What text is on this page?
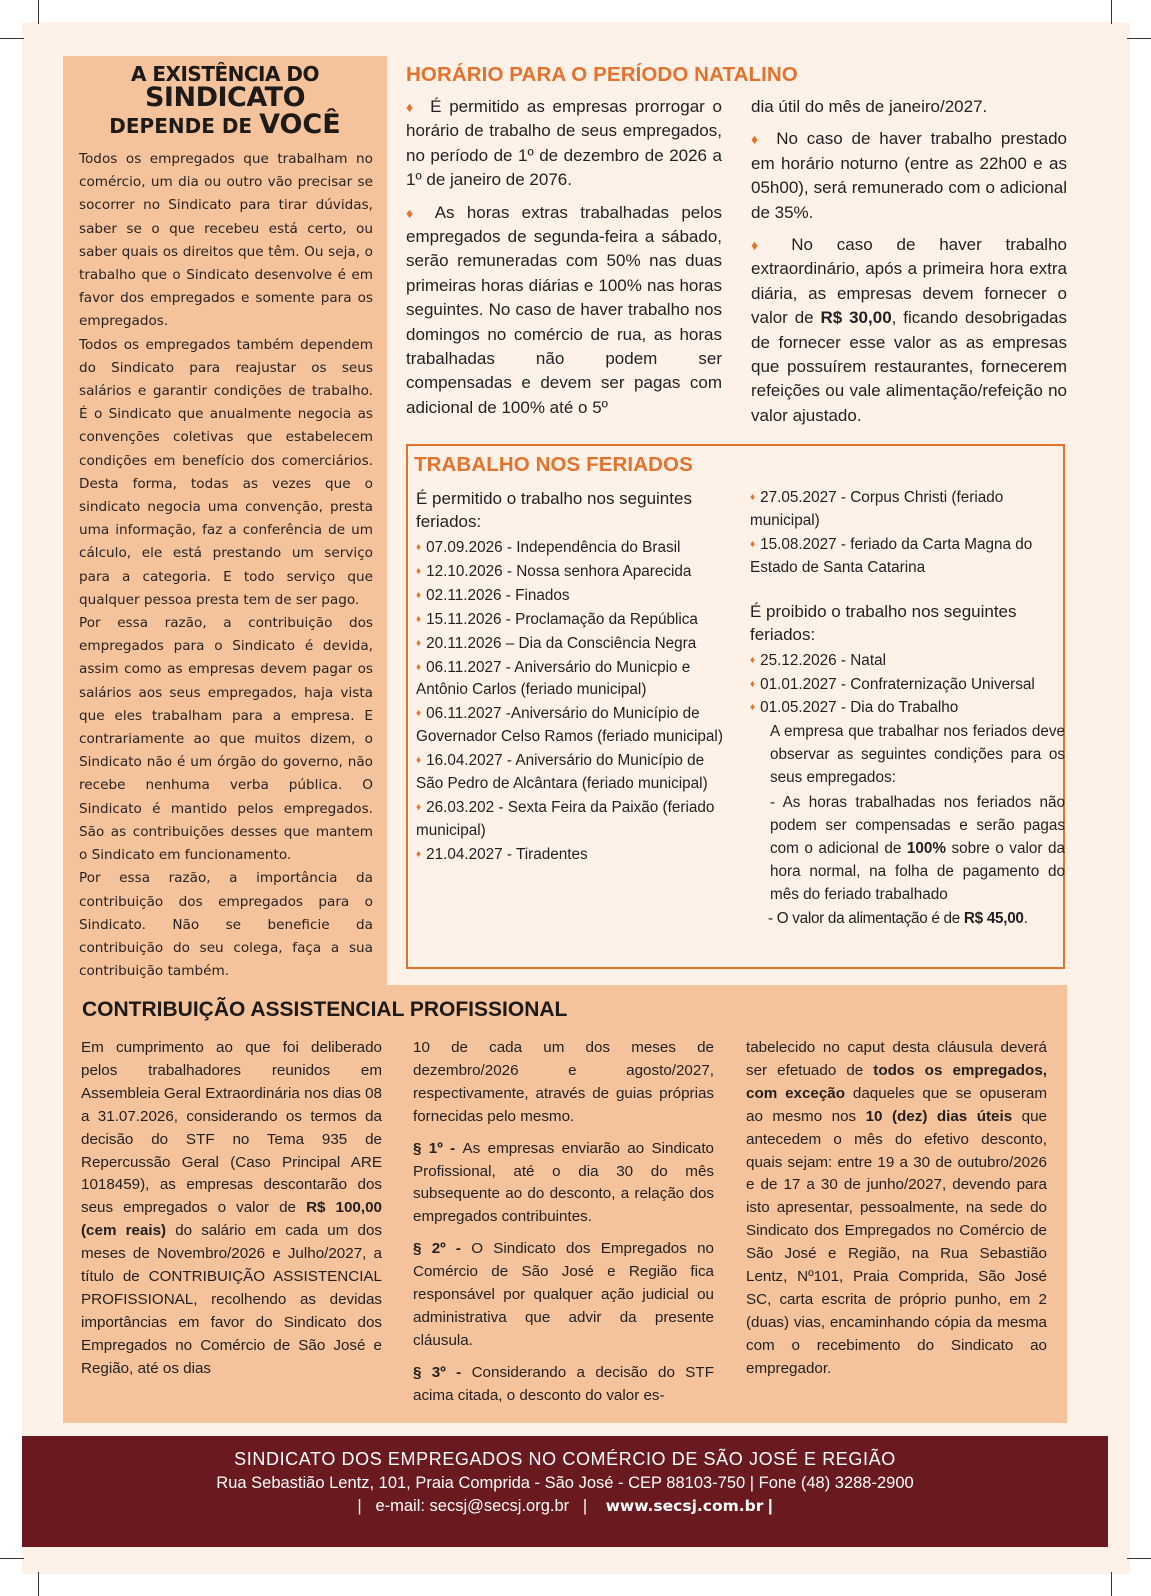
A EXISTÊNCIA DO SINDICATO
DEPENDE DE VOCÊ

Todos os empregados que trabalham no comércio, um dia ou outro vão precisar se socorrer no Sindicato para tirar dúvidas, saber se o que recebeu está certo, ou saber quais os direitos que têm. Ou seja, o trabalho que o Sindicato desenvolve é em favor dos empregados e somente para os empregados.

Todos os empregados também dependem do Sindicato para reajustar os seus salários e garantir condições de trabalho. É o Sindicato que anualmente negocia as convenções coletivas que estabelecem condições em benefício dos comerciários. Desta forma, todas as vezes que o sindicato negocia uma convenção, presta uma informação, faz a conferência de um cálculo, ele está prestando um serviço para a categoria. E todo serviço que qualquer pessoa presta tem de ser pago.

Por essa razão, a contribuição dos empregados para o Sindicato é devida, assim como as empresas devem pagar os salários aos seus empregados, haja vista que eles trabalham para a empresa. E contrariamente ao que muitos dizem, o Sindicato não é um órgão do governo, não recebe nenhuma verba pública. O Sindicato é mantido pelos empregados. São as contribuições desses que mantem o Sindicato em funcionamento.

Por essa razão, a importância da contribuição dos empregados para o Sindicato. Não se beneficie da contribuição do seu colega, faça a sua contribuição também.

HORÁRIO PARA O PERÍODO NATALINO

♦ É permitido as empresas prorrogar o horário de trabalho de seus empregados, no período de 1º de dezembro de 2026 a 1º de janeiro de 2076.

♦ As horas extras trabalhadas pelos empregados de segunda-feira a sábado, serão remuneradas com 50% nas duas primeiras horas diárias e 100% nas horas seguintes. No caso de haver trabalho nos domingos no comércio de rua, as horas trabalhadas não podem ser compensadas e devem ser pagas com adicional de 100% até o 5º

dia útil do mês de janeiro/2027.

♦ No caso de haver trabalho prestado em horário noturno (entre as 22h00 e as 05h00), será remunerado com o adicional de 35%.

♦ No caso de haver trabalho extraordinário, após a primeira hora extra diária, as empresas devem fornecer o valor de R$ 30,00, ficando desobrigadas de fornecer esse valor as as empresas que possuírem restaurantes, fornecerem refeições ou vale alimentação/refeição no valor ajustado.

TRABALHO NOS FERIADOS
É permitido o trabalho nos seguintes feriados:
♦ 07.09.2026 - Independência do Brasil
♦ 12.10.2026 - Nossa senhora Aparecida
♦ 02.11.2026 - Finados
♦ 15.11.2026 - Proclamação da República
♦ 20.11.2026 – Dia da Consciência Negra
♦ 06.11.2027 - Aniversário do Municpio e Antônio Carlos (feriado municipal)
♦ 06.11.2027 -Aniversário do Município de Governador Celso Ramos (feriado municipal)
♦ 16.04.2027 - Aniversário do Município de São Pedro de Alcântara (feriado municipal)
♦ 26.03.202 - Sexta Feira da Paixão (feriado municipal)
♦ 21.04.2027 - Tiradentes
♦ 27.05.2027 - Corpus Christi (feriado municipal)
♦ 15.08.2027 - feriado da Carta Magna do Estado de Santa Catarina
É proibido o trabalho nos seguintes feriados:
♦ 25.12.2026 - Natal
♦ 01.01.2027 - Confraternização Universal
♦ 01.05.2027 - Dia do Trabalho
A empresa que trabalhar nos feriados deve observar as seguintes condições para os seus empregados:
- As horas trabalhadas nos feriados não podem ser compensadas e serão pagas com o adicional de 100% sobre o valor da hora normal, na folha de pagamento do mês do feriado trabalhado
- O valor da alimentação é de R$ 45,00.
CONTRIBUIÇÃO ASSISTENCIAL PROFISSIONAL

Em cumprimento ao que foi deliberado pelos trabalhadores reunidos em Assembleia Geral Extraordinária nos dias 08 a 31.07.2026, considerando os termos da decisão do STF no Tema 935 de Repercussão Geral (Caso Principal ARE 1018459), as empresas descontarão dos seus empregados o valor de R$ 100,00 (cem reais) do salário em cada um dos meses de Novembro/2026 e Julho/2027, a título de CONTRIBUIÇÃO ASSISTENCIAL PROFISSIONAL, recolhendo as devidas importâncias em favor do Sindicato dos Empregados no Comércio de São José e Região, até os dias

10 de cada um dos meses de dezembro/2026 e agosto/2027, respectivamente, através de guias próprias fornecidas pelo mesmo.

§ 1º - As empresas enviarão ao Sindicato Profissional, até o dia 30 do mês subsequente ao do desconto, a relação dos empregados contribuintes.

§ 2º - O Sindicato dos Empregados no Comércio de São José e Região fica responsável por qualquer ação judicial ou administrativa que advir da presente cláusula.

§ 3º - Considerando a decisão do STF acima citada, o desconto do valor es-

tabelecido no caput desta cláusula deverá ser efetuado de todos os empregados, com exceção daqueles que se opuseram ao mesmo nos 10 (dez) dias úteis que antecedem o mês do efetivo desconto, quais sejam: entre 19 a 30 de outubro/2026 e de 17 a 30 de junho/2027, devendo para isto apresentar, pessoalmente, na sede do Sindicato dos Empregados no Comércio de São José e Região, na Rua Sebastião Lentz, Nº101, Praia Comprida, São José SC, carta escrita de próprio punho, em 2 (duas) vias, encaminhando cópia da mesma com o recebimento do Sindicato ao empregador.

SINDICATO DOS EMPREGADOS NO COMÉRCIO DE SÃO JOSÉ E REGIÃO
Rua Sebastião Lentz, 101, Praia Comprida - São José - CEP 88103-750 | Fone (48) 3288-2900
| e-mail: secsj@secsj.org.br | www.secsj.com.br |
